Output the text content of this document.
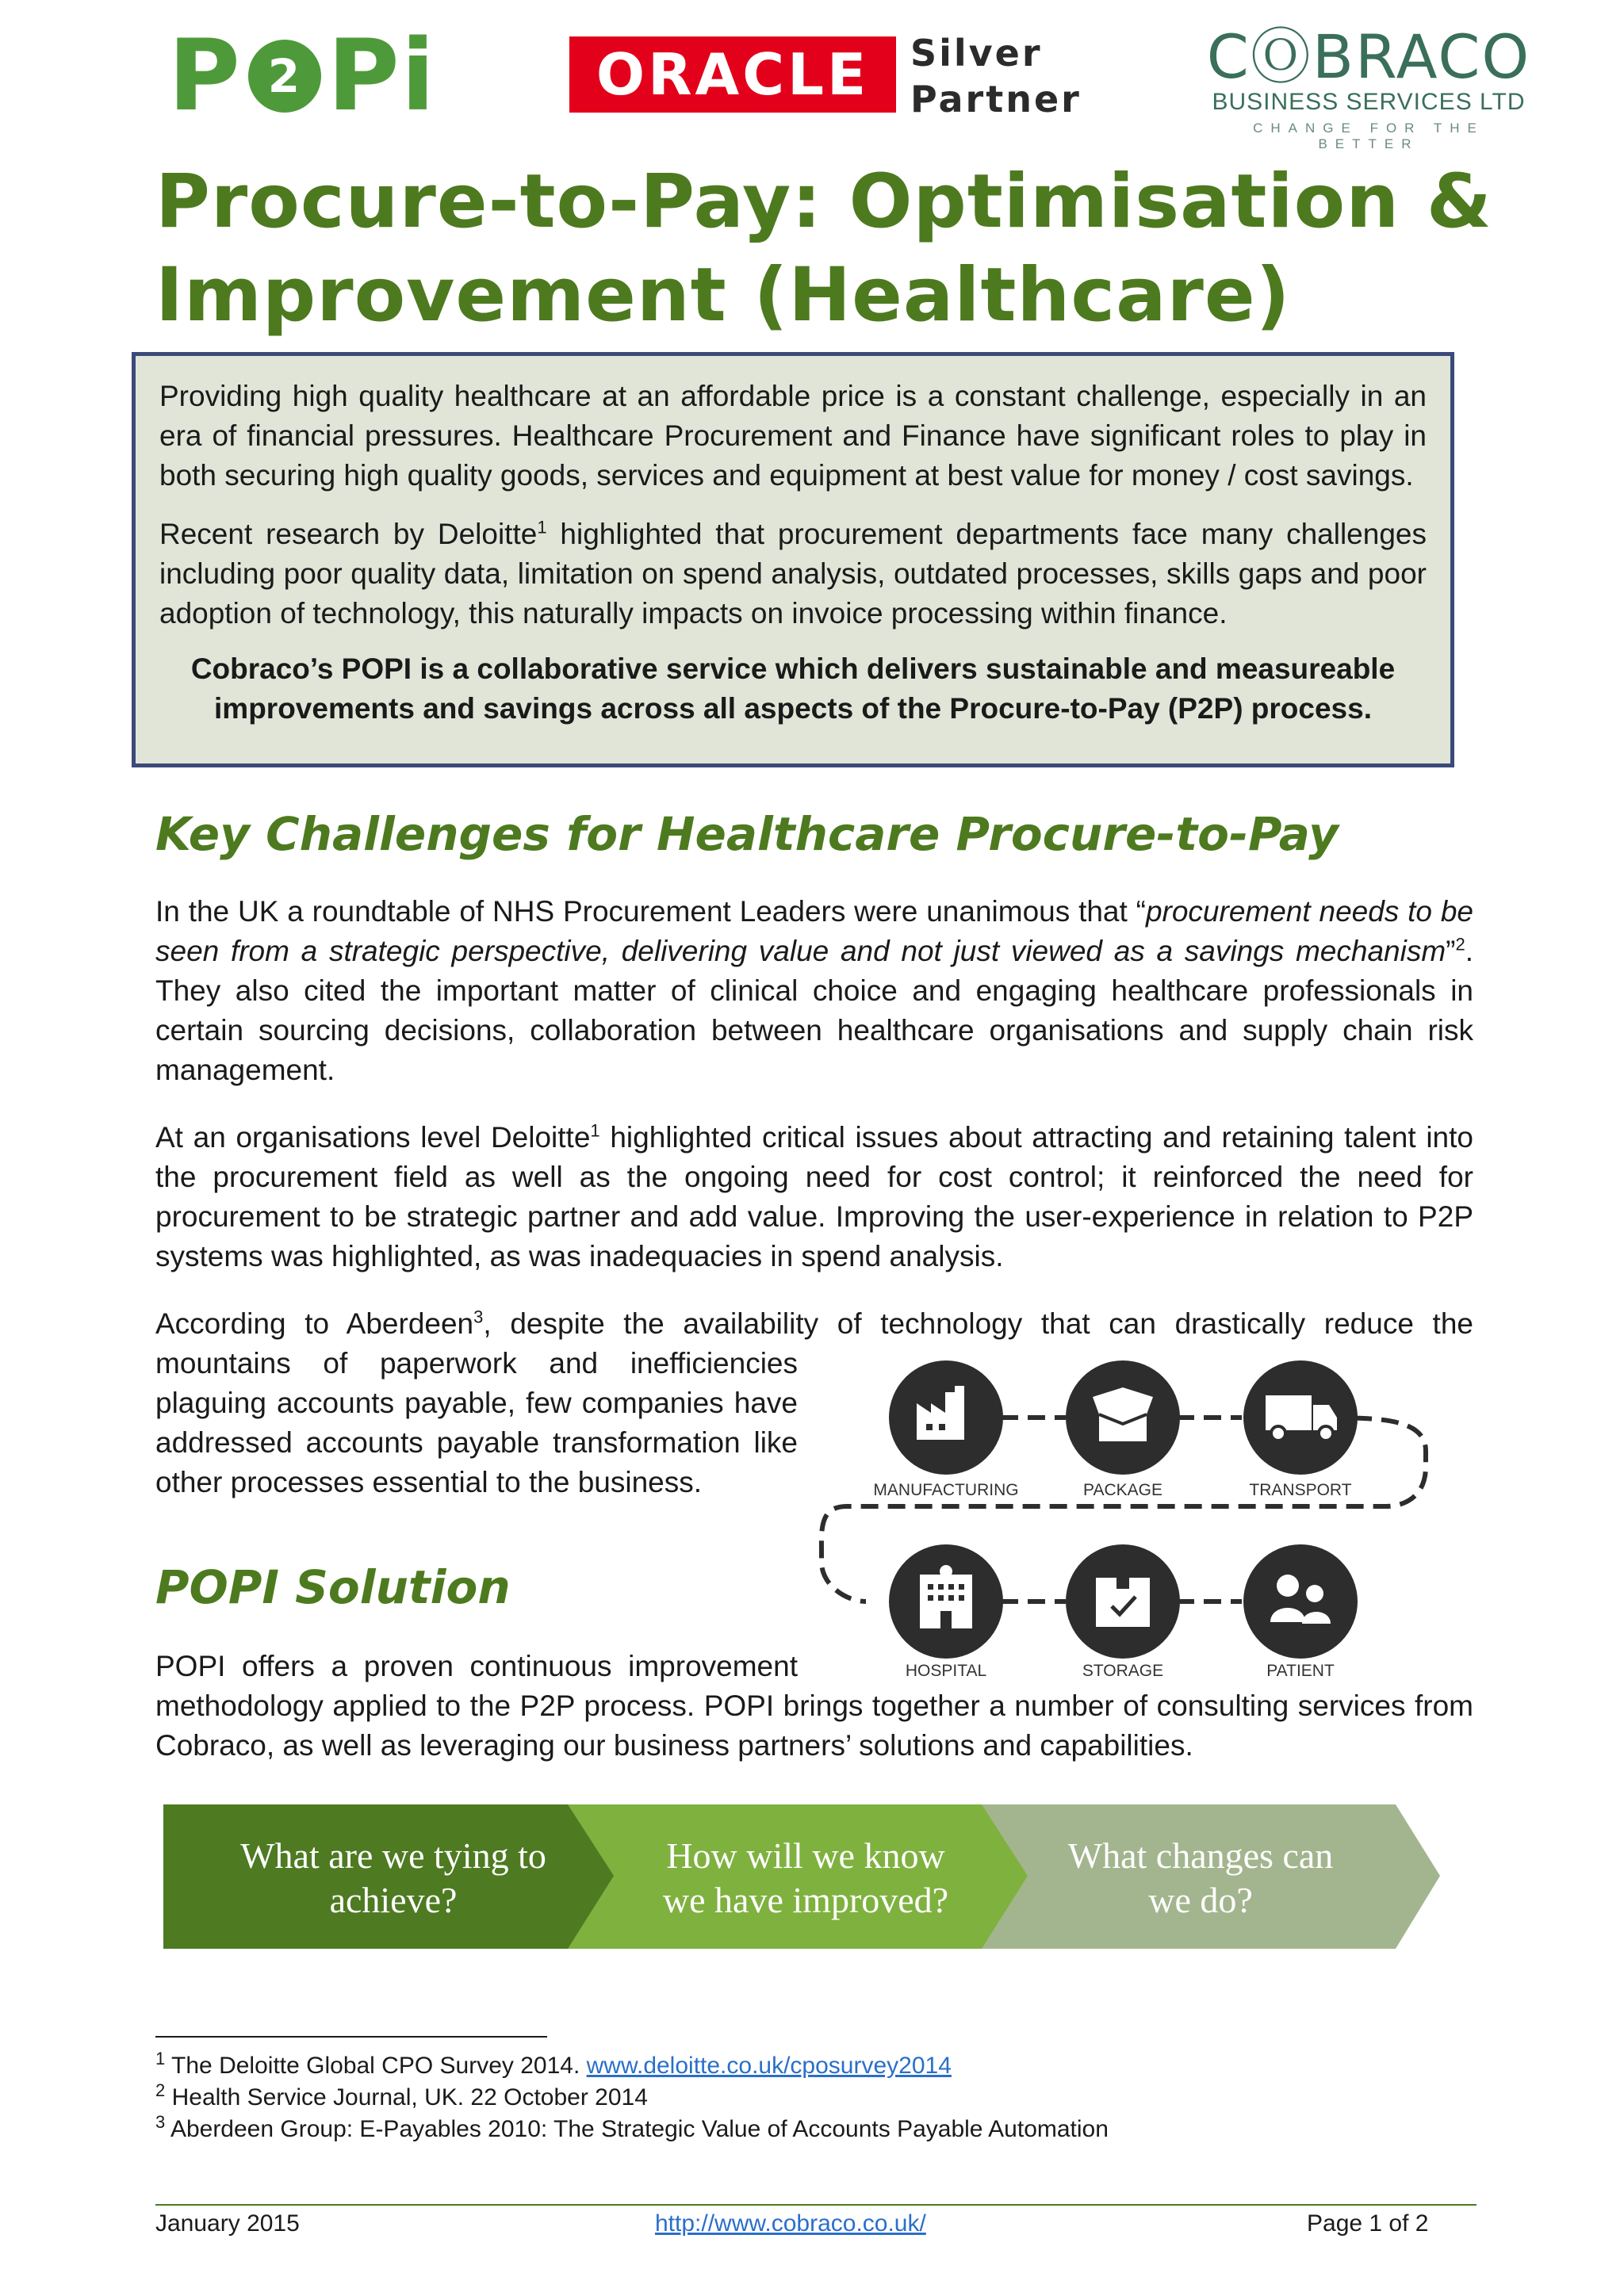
P 2 Pi	ORACLE	Silver
Partner
CⓄBRACO
BUSINESS SERVICES LTD
CHANGE FOR THE BETTER
Procure-to-Pay: Optimisation &
Improvement (Healthcare)

Providing high quality healthcare at an affordable price is a constant challenge, especially in an era of financial pressures. Healthcare Procurement and Finance have significant roles to play in both securing high quality goods, services and equipment at best value for money / cost savings.

Recent research by Deloitte$^1$ highlighted that procurement departments face many challenges including poor quality data, limitation on spend analysis, outdated processes, skills gaps and poor adoption of technology, this naturally impacts on invoice processing within finance.

Cobraco’s POPI is a collaborative service which delivers sustainable and measureable improvements and savings across all aspects of the Procure-to-Pay (P2P) process.

Key Challenges for Healthcare Procure-to-Pay

In the UK a roundtable of NHS Procurement Leaders were unanimous that “procurement needs to be seen from a strategic perspective, delivering value and not just viewed as a savings mechanism”$^2$. They also cited the important matter of clinical choice and engaging healthcare professionals in certain sourcing decisions, collaboration between healthcare organisations and supply chain risk management.

At an organisations level Deloitte$^1$ highlighted critical issues about attracting and retaining talent into the procurement field as well as the ongoing need for cost control; it reinforced the need for procurement to be strategic partner and add value. Improving the user-experience in relation to P2P systems was highlighted, as was inadequacies in spend analysis.

According to Aberdeen$^3$, despite the availability of technology that can drastically reduce the

mountains of paperwork and inefficiencies plaguing accounts payable, few companies have addressed accounts payable transformation like other processes essential to the business.	MANUFACTURING	PACKAGE	TRANSPORT
HOSPITAL	STORAGE	PATIENT
POPI Solution

POPI offers a proven continuous improvement

methodology applied to the P2P process. POPI brings together a number of consulting services from Cobraco, as well as leveraging our business partners’ solutions and capabilities.

What are we tying to
achieve?
How will we know
we have improved?
What changes can
we do?
$^1$ The Deloitte Global CPO Survey 2014. www.deloitte.co.uk/cposurvey2014
$^2$ Health Service Journal, UK. 22 October 2014
$^3$ Aberdeen Group: E-Payables 2010: The Strategic Value of Accounts Payable Automation
January 2015	http://www.cobraco.co.uk/	Page 1 of 2
